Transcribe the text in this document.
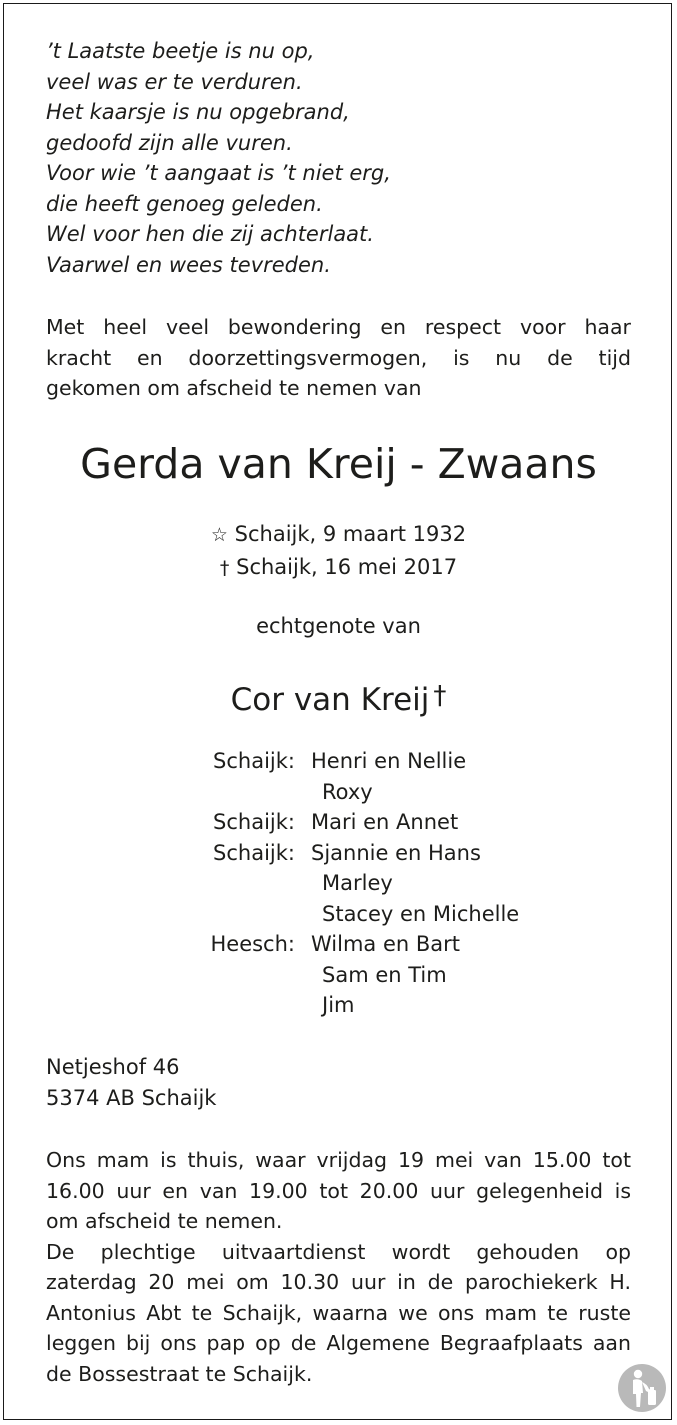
’t Laatste beetje is nu op,
veel was er te verduren.
Het kaarsje is nu opgebrand,
gedoofd zijn alle vuren.
Voor wie ’t aangaat is ’t niet erg,
die heeft genoeg geleden.
Wel voor hen die zij achterlaat.
Vaarwel en wees tevreden.
Met heel veel bewondering en respect voor haar
kracht en doorzettingsvermogen, is nu de tijd
gekomen om afscheid te nemen van
Gerda van Kreij - Zwaans
☆ Schaijk, 9 maart 1932
† Schaijk, 16 mei 2017
echtgenote van
Cor van Kreij †
Schaijk: Henri en Nellie
Roxy
Schaijk: Mari en Annet
Schaijk: Sjannie en Hans
Marley
Stacey en Michelle
Heesch: Wilma en Bart
Sam en Tim
Jim
Netjeshof 46
5374 AB Schaijk
Ons mam is thuis, waar vrijdag 19 mei van 15.00 tot
16.00 uur en van 19.00 tot 20.00 uur gelegenheid is
om afscheid te nemen.
De plechtige uitvaartdienst wordt gehouden op
zaterdag 20 mei om 10.30 uur in de parochiekerk H.
Antonius Abt te Schaijk, waarna we ons mam te ruste
leggen bij ons pap op de Algemene Begraafplaats aan
de Bossestraat te Schaijk.
